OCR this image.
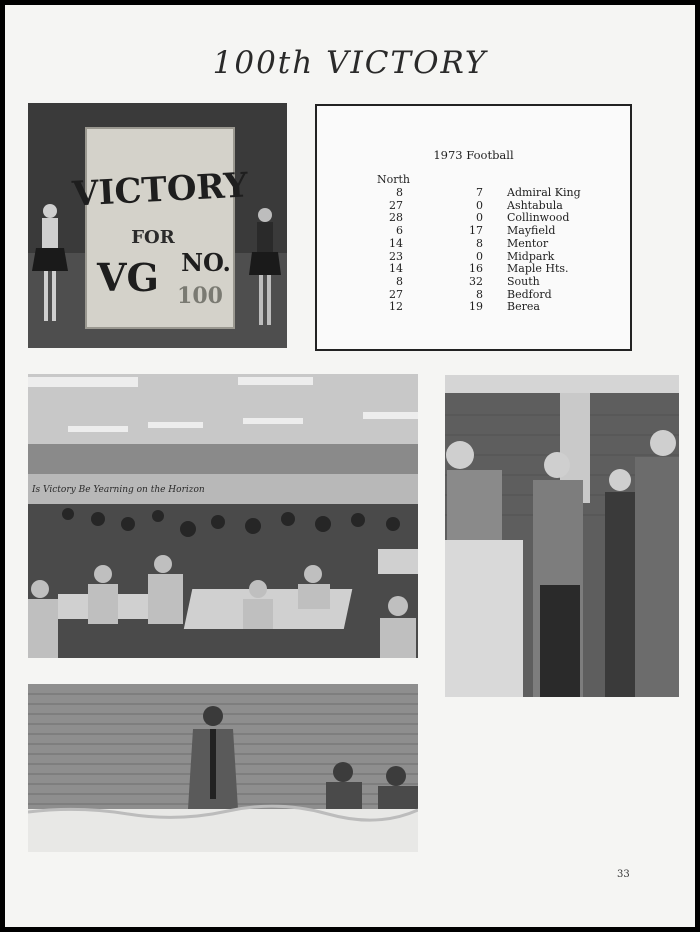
100th VICTORY
VICTORY
FOR
VG NO.
100
1973 Football
North
8	7 Admiral King
27	0 Ashtabula
28	0 Collinwood
6	17 Mayfield
14	8 Mentor
23	0 Midpark
14	16 Maple Hts.
8	32 South
27	8 Bedford
12	19 Berea
Is Victory Be Yearning on the Horizon
33
